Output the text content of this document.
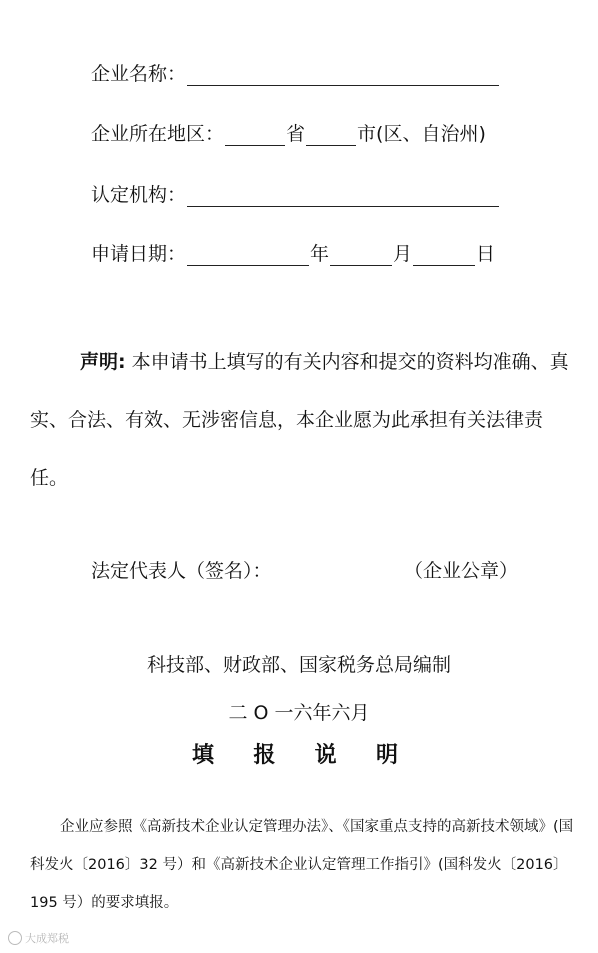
企业名称：
企业所在地区：	省	市(区、自治州)
认定机构：
申请日期：	年	月	日

声明: 本申请书上填写的有关内容和提交的资料均准确、真实、合法、有效、无涉密信息，本企业愿为此承担有关法律责任。

法定代表人（签名）：	（企业公章）
科技部、财政部、国家税务总局编制
二 O 一六年六月
填  报  说  明

企业应参照《高新技术企业认定管理办法》、《国家重点支持的高新技术领域》(国科发火〔2016〕32 号）和《高新技术企业认定管理工作指引》(国科发火〔2016〕195 号）的要求填报。

大成郑税
